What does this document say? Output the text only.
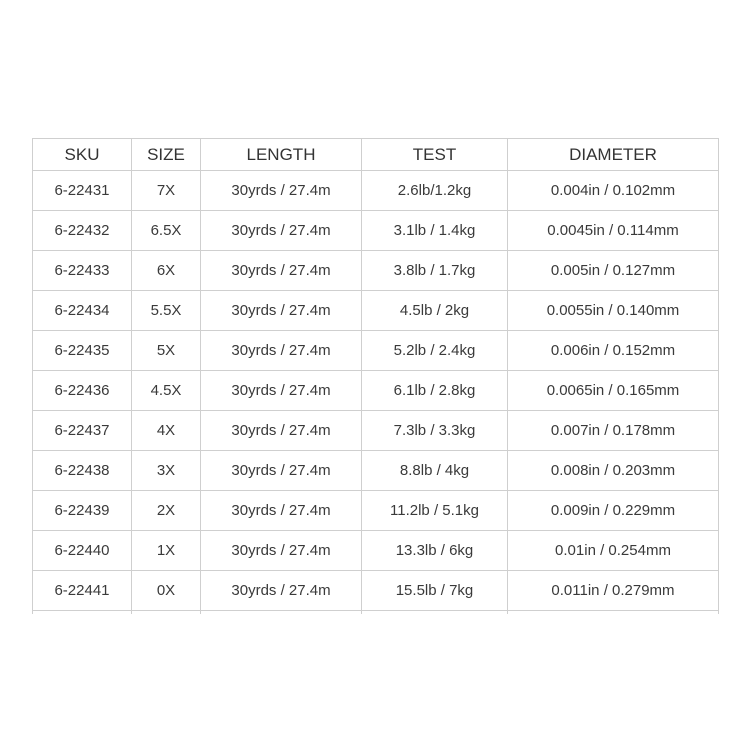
SKU	SIZE	LENGTH	TEST	DIAMETER
6-22431	7X	30yrds / 27.4m	2.6lb/1.2kg	0.004in / 0.102mm
6-22432	6.5X	30yrds / 27.4m	3.1lb / 1.4kg	0.0045in / 0.114mm
6-22433	6X	30yrds / 27.4m	3.8lb / 1.7kg	0.005in / 0.127mm
6-22434	5.5X	30yrds / 27.4m	4.5lb / 2kg	0.0055in / 0.140mm
6-22435	5X	30yrds / 27.4m	5.2lb / 2.4kg	0.006in / 0.152mm
6-22436	4.5X	30yrds / 27.4m	6.1lb / 2.8kg	0.0065in / 0.165mm
6-22437	4X	30yrds / 27.4m	7.3lb / 3.3kg	0.007in / 0.178mm
6-22438	3X	30yrds / 27.4m	8.8lb / 4kg	0.008in / 0.203mm
6-22439	2X	30yrds / 27.4m	11.2lb / 5.1kg	0.009in / 0.229mm
6-22440	1X	30yrds / 27.4m	13.3lb / 6kg	0.01in / 0.254mm
6-22441	0X	30yrds / 27.4m	15.5lb / 7kg	0.011in / 0.279mm
